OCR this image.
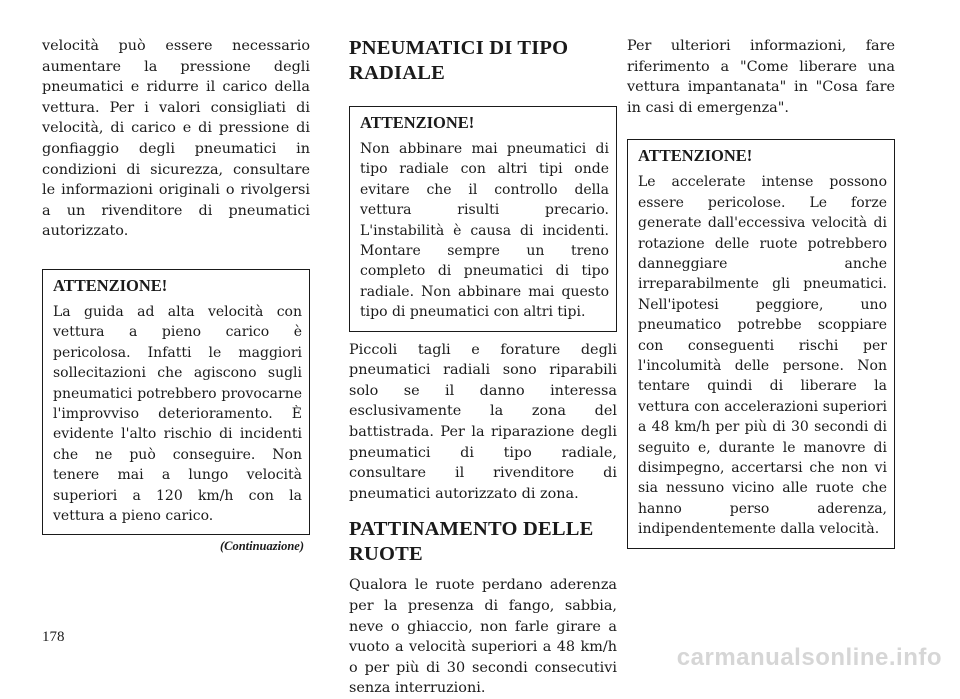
velocità può essere necessario aumentare la pressione degli pneumatici e ridurre il carico della vettura. Per i valori consigliati di velocità, di carico e di pressione di gonfiaggio degli pneumatici in condizioni di sicurezza, consultare le informazioni originali o rivolgersi a un rivenditore di pneumatici autorizzato.

ATTENZIONE!

La guida ad alta velocità con vettura a pieno carico è pericolosa. Infatti le maggiori sollecitazioni che agiscono sugli pneumatici potrebbero provocarne l'improvviso deterioramento. È evidente l'alto rischio di incidenti che ne può conseguire. Non tenere mai a lungo velocità superiori a 120 km/h con la vettura a pieno carico.

(Continuazione)

PNEUMATICI DI TIPO RADIALE

ATTENZIONE!

Non abbinare mai pneumatici di tipo radiale con altri tipi onde evitare che il controllo della vettura risulti precario. L'instabilità è causa di incidenti. Montare sempre un treno completo di pneumatici di tipo radiale. Non abbinare mai questo tipo di pneumatici con altri tipi.

Piccoli tagli e forature degli pneumatici radiali sono riparabili solo se il danno interessa esclusivamente la zona del battistrada. Per la riparazione degli pneumatici di tipo radiale, consultare il rivenditore di pneumatici autorizzato di zona.

PATTINAMENTO DELLE RUOTE

Qualora le ruote perdano aderenza per la presenza di fango, sabbia, neve o ghiaccio, non farle girare a vuoto a velocità superiori a 48 km/h o per più di 30 secondi consecutivi senza interruzioni.

Per ulteriori informazioni, fare riferimento a "Come liberare una vettura impantanata" in "Cosa fare in casi di emergenza".

ATTENZIONE!

Le accelerate intense possono essere pericolose. Le forze generate dall'eccessiva velocità di rotazione delle ruote potrebbero danneggiare anche irreparabilmente gli pneumatici. Nell'ipotesi peggiore, uno pneumatico potrebbe scoppiare con conseguenti rischi per l'incolumità delle persone. Non tentare quindi di liberare la vettura con accelerazioni superiori a 48 km/h per più di 30 secondi di seguito e, durante le manovre di disimpegno, accertarsi che non vi sia nessuno vicino alle ruote che hanno perso aderenza, indipendentemente dalla velocità.

178
carmanualsonline.info
